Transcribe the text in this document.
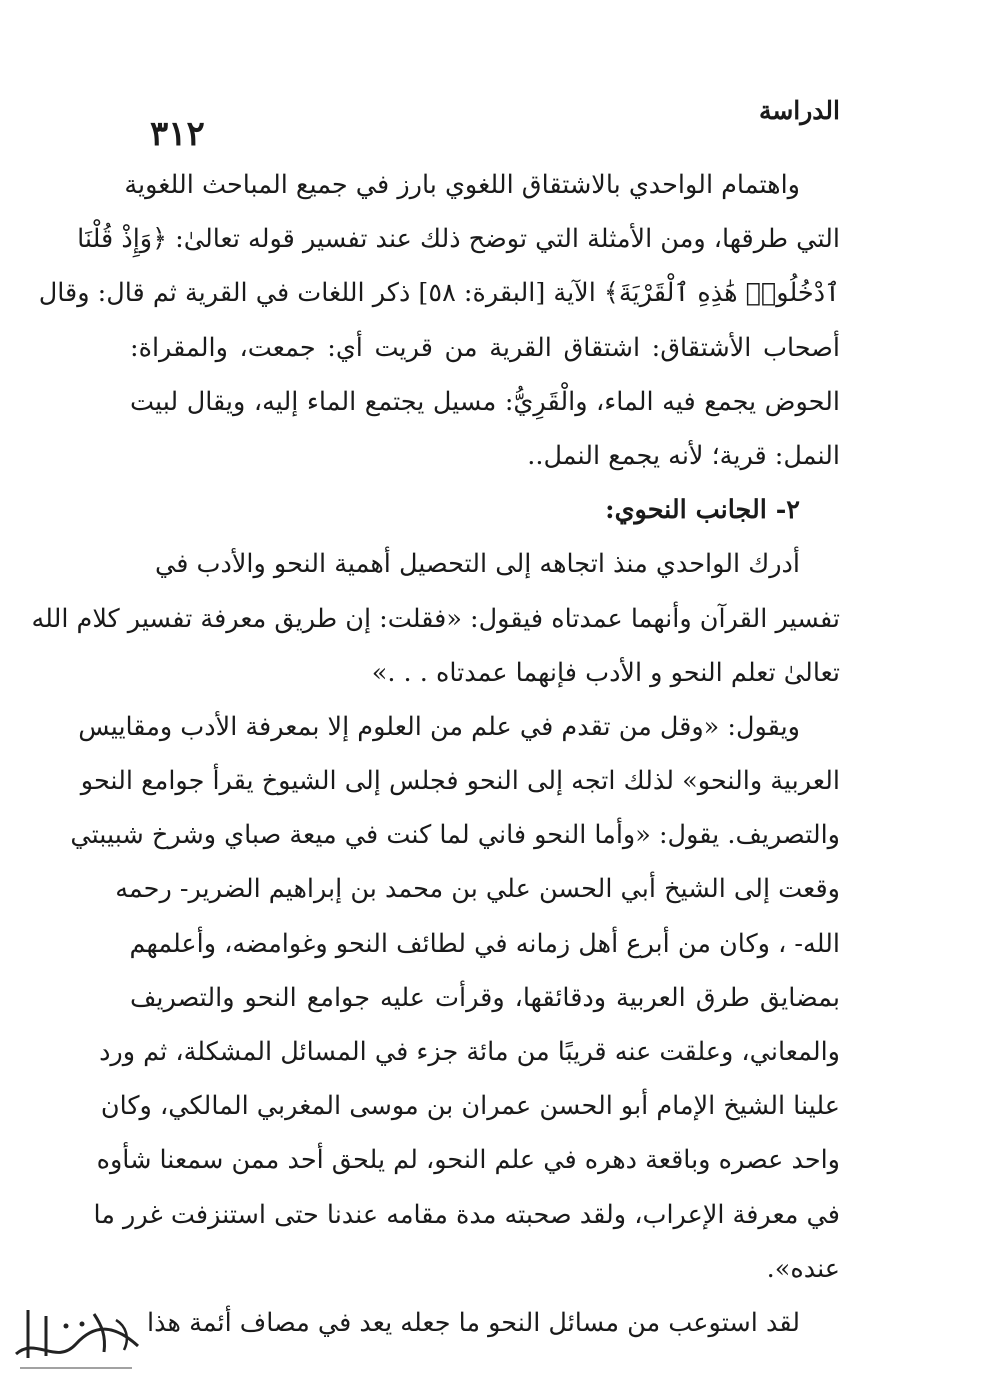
الدراسة
٣١٢
واهتمام الواحدي بالاشتقاق اللغوي بارز في جميع المباحث اللغوية
التي طرقها، ومن الأمثلة التي توضح ذلك عند تفسير قوله تعالىٰ: ﴿وَإِذْ قُلْنَا
ٱدْخُلُوا۟ هَٰذِهِ ٱلْقَرْيَةَ﴾ الآية [البقرة: ٥٨] ذكر اللغات في القرية ثم قال: وقال
أصحاب الأشتقاق: اشتقاق القرية من قريت أي: جمعت، والمقراة:
الحوض يجمع فيه الماء، والْقَرِيُّ: مسيل يجتمع الماء إليه، ويقال لبيت
النمل: قرية؛ لأنه يجمع النمل..
٢- الجانب النحوي:
أدرك الواحدي منذ اتجاهه إلى التحصيل أهمية النحو والأدب في
تفسير القرآن وأنهما عمدتاه فيقول: «فقلت: إن طريق معرفة تفسير كلام الله
تعالىٰ تعلم النحو و الأدب فإنهما عمدتاه . . .»
ويقول: «وقل من تقدم في علم من العلوم إلا بمعرفة الأدب ومقاييس
العربية والنحو» لذلك اتجه إلى النحو فجلس إلى الشيوخ يقرأ جوامع النحو
والتصريف. يقول: «وأما النحو فاني لما كنت في ميعة صباي وشرخ شبيبتي
وقعت إلى الشيخ أبي الحسن علي بن محمد بن إبراهيم الضرير- رحمه
الله- ، وكان من أبرع أهل زمانه في لطائف النحو وغوامضه، وأعلمهم
بمضايق طرق العربية ودقائقها، وقرأت عليه جوامع النحو والتصريف
والمعاني، وعلقت عنه قريبًا من مائة جزء في المسائل المشكلة، ثم ورد
علينا الشيخ الإمام أبو الحسن عمران بن موسى المغربي المالكي، وكان
واحد عصره وباقعة دهره في علم النحو، لم يلحق أحد ممن سمعنا شأوه
في معرفة الإعراب، ولقد صحبته مدة مقامه عندنا حتى استنزفت غرر ما
عنده».
لقد استوعب من مسائل النحو ما جعله يعد في مصاف أئمة هذا
